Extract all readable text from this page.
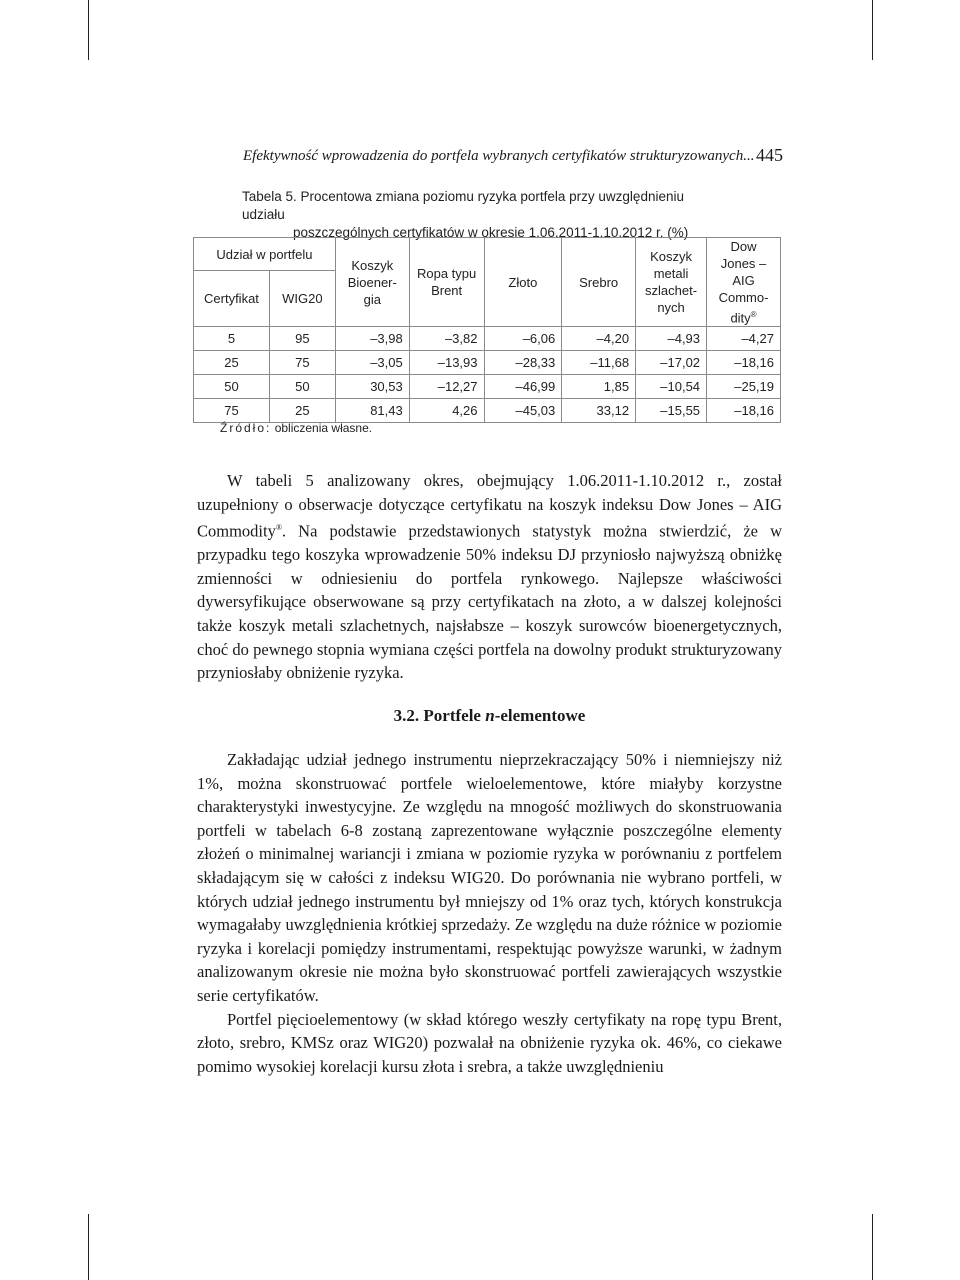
Efektywność wprowadzenia do portfela wybranych certyfikatów strukturyzowanych... 445
Tabela 5. Procentowa zmiana poziomu ryzyka portfela przy uwzględnieniu udziału
poszczególnych certyfikatów w okresie 1.06.2011-1.10.2012 r. (%)
Udział w portfelu		Koszyk Bioener-gia	Ropa typu Brent	Złoto	Srebro	Koszyk metali szlachet-nych	Dow Jones – AIG Commo-dity®
Certyfikat	WIG20						
5	95	–3,98	–3,82	–6,06	–4,20	–4,93	–4,27
25	75	–3,05	–13,93	–28,33	–11,68	–17,02	–18,16
50	50	30,53	–12,27	–46,99	1,85	–10,54	–25,19
75	25	81,43	4,26	–45,03	33,12	–15,55	–18,16
Źródło: obliczenia własne.

W tabeli 5 analizowany okres, obejmujący 1.06.2011-1.10.2012 r., został uzupełniony o obserwacje dotyczące certyfikatu na koszyk indeksu Dow Jones – AIG Commodity®. Na podstawie przedstawionych statystyk można stwierdzić, że w przypadku tego koszyka wprowadzenie 50% indeksu DJ przyniosło najwyższą obniżkę zmienności w odniesieniu do portfela rynkowego. Najlepsze właściwości dywersyfikujące obserwowane są przy certyfikatach na złoto, a w dalszej kolejności także koszyk metali szlachetnych, najsłabsze – koszyk surowców bioenergetycznych, choć do pewnego stopnia wymiana części portfela na dowolny produkt strukturyzowany przyniosłaby obniżenie ryzyka.

3.2. Portfele n-elementowe

Zakładając udział jednego instrumentu nieprzekraczający 50% i niemniejszy niż 1%, można skonstruować portfele wieloelementowe, które miałyby korzystne charakterystyki inwestycyjne. Ze względu na mnogość możliwych do skonstruowania portfeli w tabelach 6-8 zostaną zaprezentowane wyłącznie poszczególne elementy złożeń o minimalnej wariancji i zmiana w poziomie ryzyka w porównaniu z portfelem składającym się w całości z indeksu WIG20. Do porównania nie wybrano portfeli, w których udział jednego instrumentu był mniejszy od 1% oraz tych, których konstrukcja wymagałaby uwzględnienia krótkiej sprzedaży. Ze względu na duże różnice w poziomie ryzyka i korelacji pomiędzy instrumentami, respektując powyższe warunki, w żadnym analizowanym okresie nie można było skonstruować portfeli zawierających wszystkie serie certyfikatów.

Portfel pięcioelementowy (w skład którego weszły certyfikaty na ropę typu Brent, złoto, srebro, KMSz oraz WIG20) pozwalał na obniżenie ryzyka ok. 46%, co ciekawe pomimo wysokiej korelacji kursu złota i srebra, a także uwzględnieniu
